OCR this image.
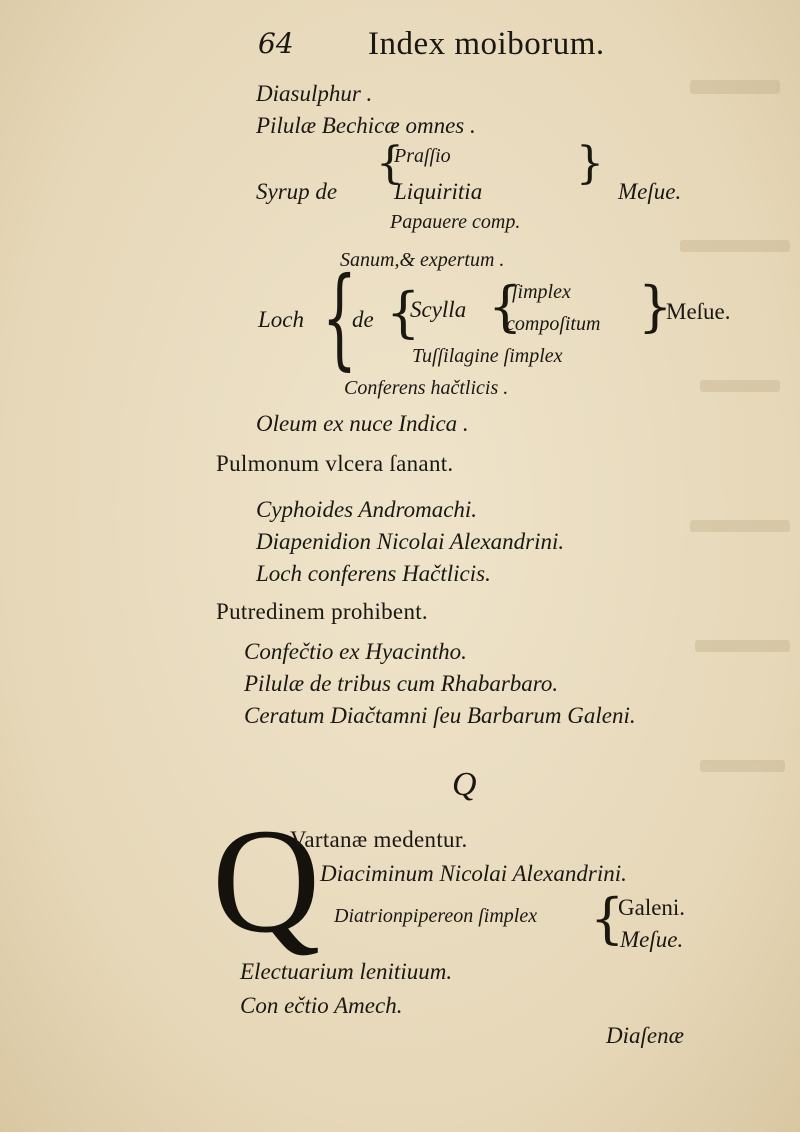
64 Index moiborum.
Diasulphur .
Pilulæ Bechicæ omnes .
{
Praſſio
Syrup de Liquiritia
Papauere comp.
}
Meſue.
Sanum,& expertum .
Loch {
de {
Scylla {
ſimplex
compoſitum }
Meſue.
Tuſſilagine ſimplex
Conferens hačtlicis .
Oleum ex nuce Indica .
Pulmonum vlcera ſanant.
Cyphoides Andromachi.
Diapenidion Nicolai Alexandrini.
Loch conferens Hačtlicis.
Putredinem prohibent.
Confečtio ex Hyacintho.
Pilulæ de tribus cum Rhabarbaro.
Ceratum Diačtamni ſeu Barbarum Galeni.
Q
Q
Vartanæ medentur.
Diaciminum Nicolai Alexandrini.
Diatrionpipereon ſimplex {
Galeni.
Meſue.
Electuarium lenitiuum.
Con ečtio Amech.
Diaſenæ
